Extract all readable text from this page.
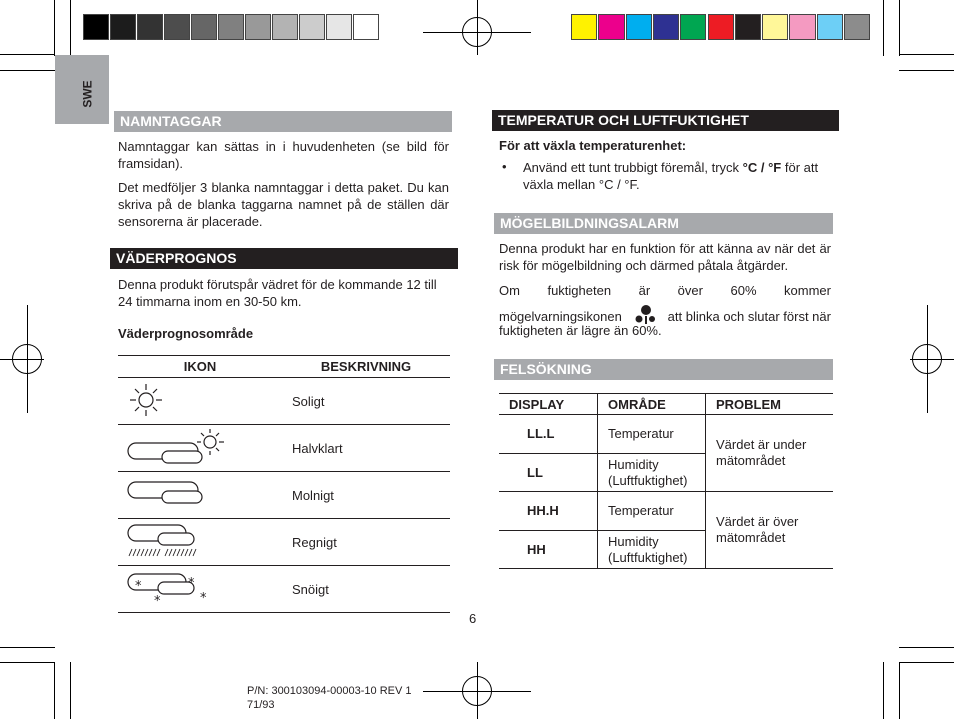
SWE
NAMNTAGGAR
Namntaggar kan sättas in i huvudenheten (se bild för framsidan).
Det medföljer 3 blanka namntaggar i detta paket. Du kan skriva på de blanka taggarna namnet på de ställen där sensorerna är placerade.
VÄDERPROGNOS
Denna produkt förutspår vädret för de kommande 12 till 24 timmarna inom en 30-50 km.
Väderprognosområde
IKON	BESKRIVNING
	Soligt
	Halvklart
	Molnigt
	Regnigt

* *
* *	Snöigt
TEMPERATUR OCH LUFTFUKTIGHET
För att växla temperaturenhet:
• Använd ett tunt trubbigt föremål, tryck °C / °F för att växla mellan °C / °F.
MÖGELBILDNINGSALARM
Denna produkt har en funktion för att känna av när det är risk för mögelbildning och därmed påtala åtgärder.
Om fuktigheten är över 60% kommer
mögelvarningsikonen	att blinka och slutar först när
fuktigheten är lägre än 60%.
FELSÖKNING
DISPLAY	OMRÅDE	PROBLEM
LL.L	Temperatur	Värdet är under mätområdet
LL	Humidity (Luftfuktighet)	
HH.H	Temperatur	Värdet är över mätområdet
HH	Humidity (Luftfuktighet)	
6
P/N: 300103094-00003-10 REV 1
71/93
